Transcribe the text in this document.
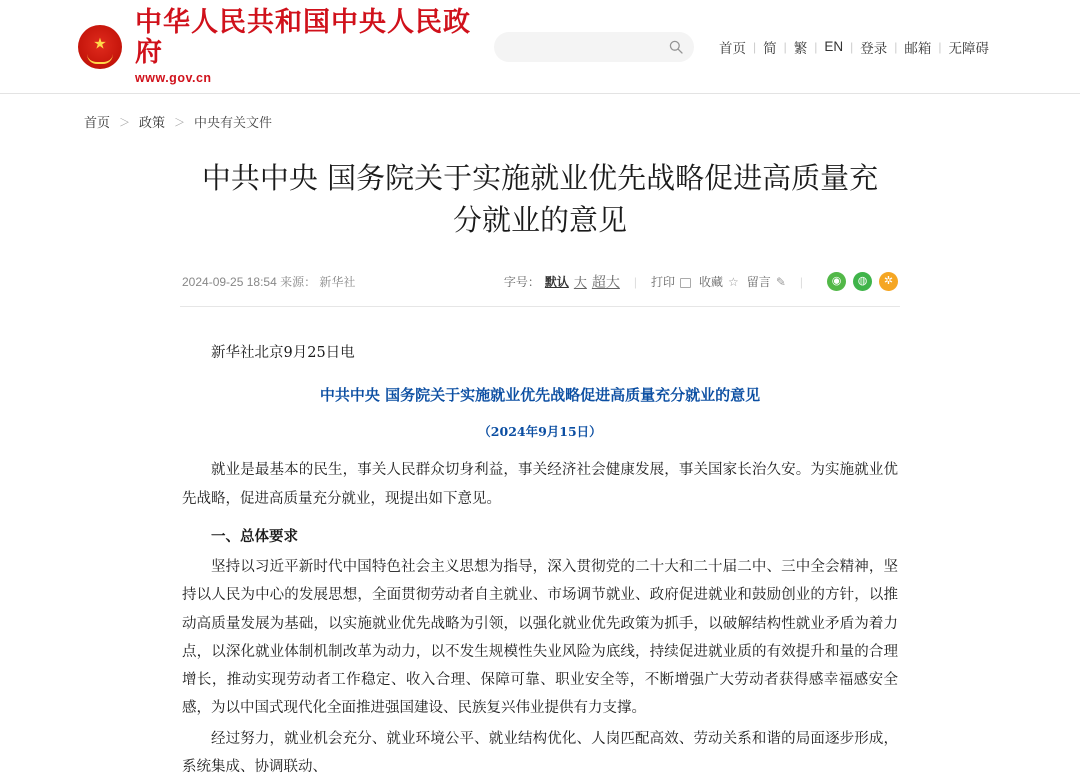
★
中华人民共和国中央人民政府
www.gov.cn
首页 | 简 | 繁 | EN | 登录 | 邮箱 | 无障碍
首页 ＞ 政策 ＞ 中央有关文件
中共中央 国务院关于实施就业优先战略促进高质量充分就业的意见
2024-09-25 18:54 来源： 新华社	字号： 默认 大 超大	|	打印 收藏 ☆ 留言 ✎	|	◉	◍	✲

新华社北京9月25日电

中共中央 国务院关于实施就业优先战略促进高质量充分就业的意见

（2024年9月15日）

就业是最基本的民生，事关人民群众切身利益，事关经济社会健康发展，事关国家长治久安。为实施就业优先战略，促进高质量充分就业，现提出如下意见。

一、总体要求

坚持以习近平新时代中国特色社会主义思想为指导，深入贯彻党的二十大和二十届二中、三中全会精神，坚持以人民为中心的发展思想，全面贯彻劳动者自主就业、市场调节就业、政府促进就业和鼓励创业的方针，以推动高质量发展为基础，以实施就业优先战略为引领，以强化就业优先政策为抓手，以破解结构性就业矛盾为着力点，以深化就业体制机制改革为动力，以不发生规模性失业风险为底线，持续促进就业质的有效提升和量的合理增长，推动实现劳动者工作稳定、收入合理、保障可靠、职业安全等，不断增强广大劳动者获得感幸福感安全感，为以中国式现代化全面推进强国建设、民族复兴伟业提供有力支撑。

经过努力，就业机会充分、就业环境公平、就业结构优化、人岗匹配高效、劳动关系和谐的局面逐步形成，系统集成、协调联动、
